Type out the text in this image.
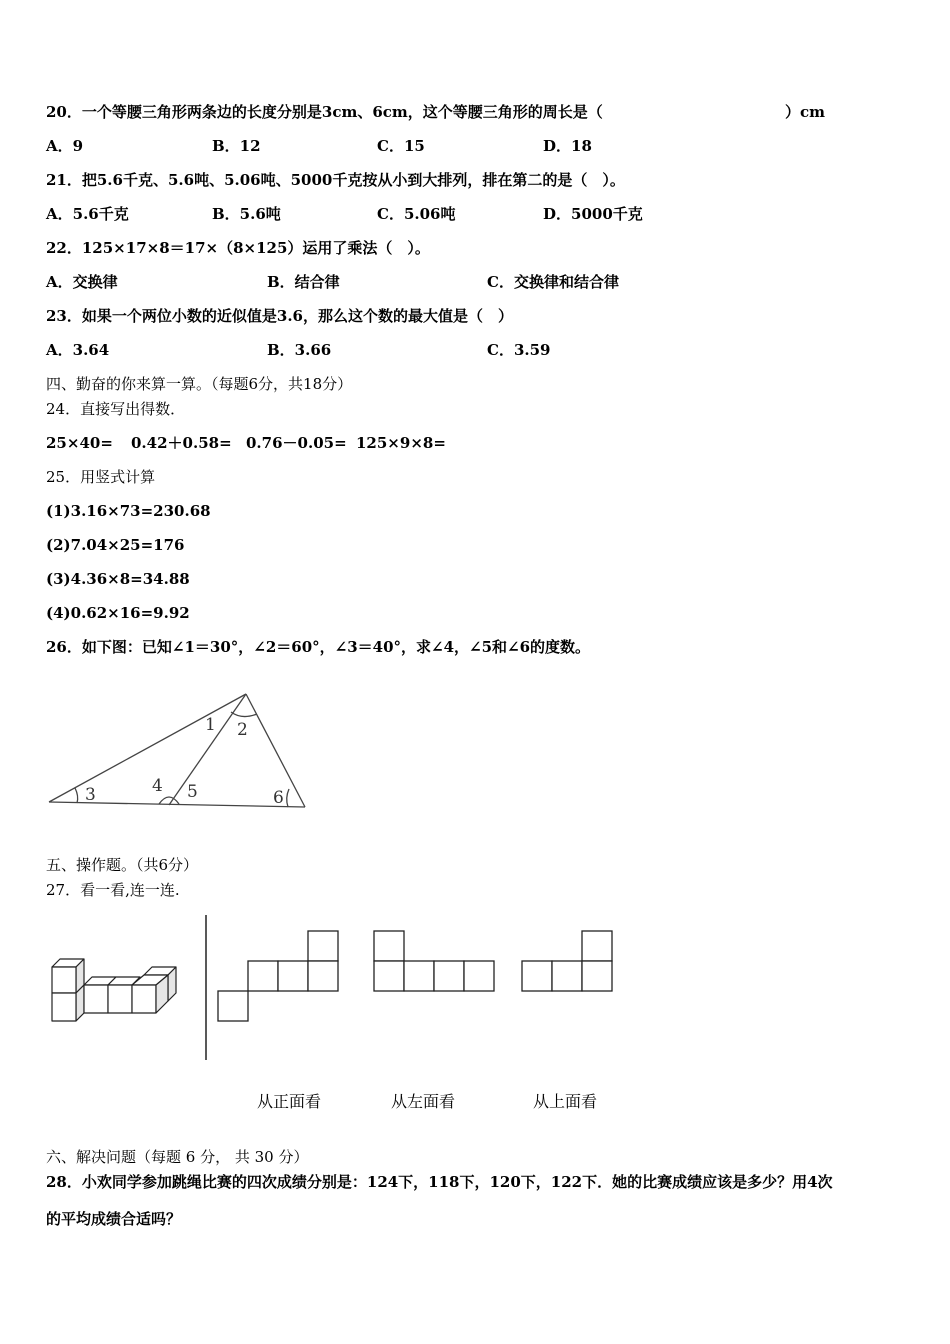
20．一个等腰三角形两条边的长度分别是3cm、6cm，这个等腰三角形的周长是（	）cm
A．9	B．12	C．15	D．18
21．把5.6千克、5.6吨、5.06吨、5000千克按从小到大排列，排在第二的是（　）。
A．5.6千克	B．5.6吨	C．5.06吨	D．5000千克
22．125×17×8＝17×（8×125）运用了乘法（　）。
A．交换律	B．结合律	C．交换律和结合律
23．如果一个两位小数的近似值是3.6，那么这个数的最大值是（　）
A．3.64	B．3.66	C．3.59
四、勤奋的你来算一算。（每题6分，共18分）
24．直接写出得数．
25×40= 0.42＋0.58= 0.76－0.05= 125×9×8=
25．用竖式计算
(1)3.16×73=230.68
(2)7.04×25=176
(3)4.36×8=34.88
(4)0.62×16=9.92
26．如下图：已知∠1＝30°，∠2＝60°，∠3＝40°，求∠4，∠5和∠6的度数。
1 2
3	4 5	6
五、操作题。（共6分）
27．看一看,连一连.
从正面看	从左面看	从上面看
六、解决问题（每题 6 分， 共 30 分）
28．小欢同学参加跳绳比赛的四次成绩分别是：124下，118下，120下，122下．她的比赛成绩应该是多少？用4次
的平均成绩合适吗？
